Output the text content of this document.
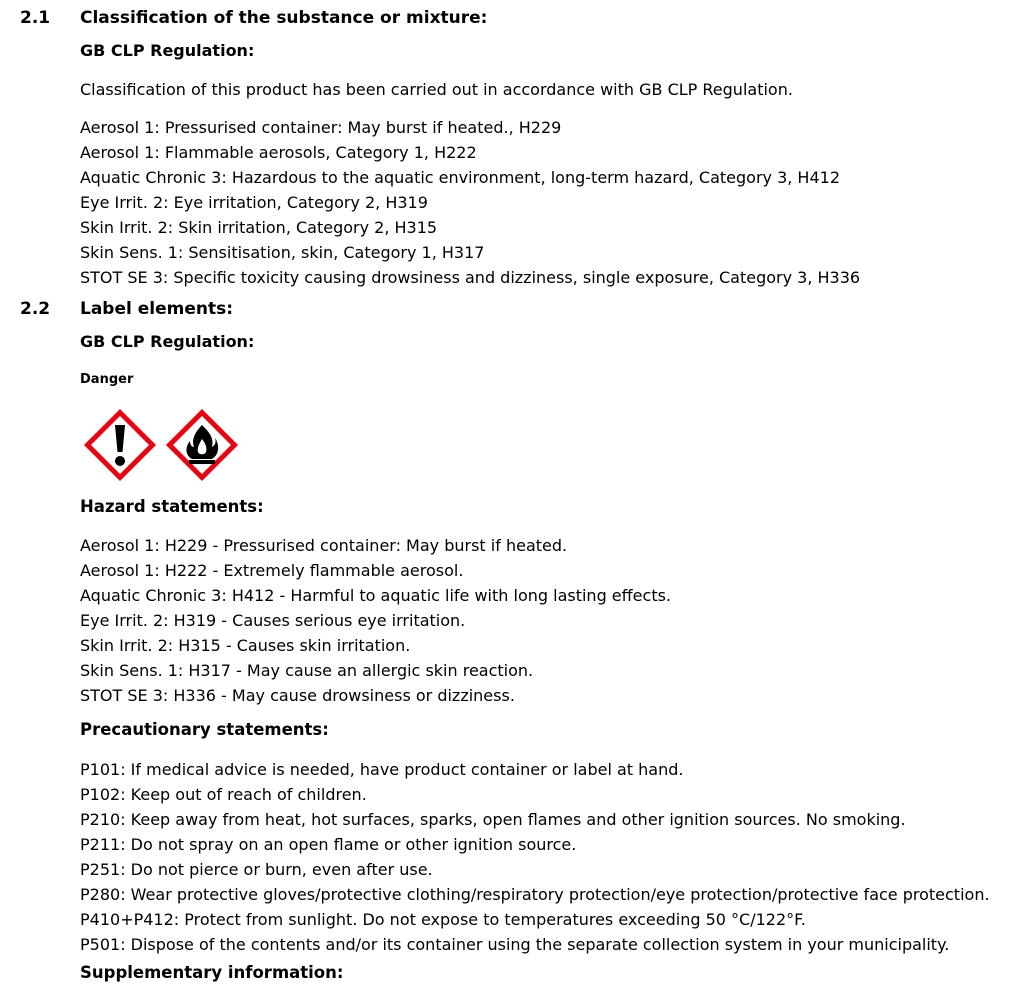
2.1 Classification of the substance or mixture:
GB CLP Regulation:
Classification of this product has been carried out in accordance with GB CLP Regulation.
Aerosol 1: Pressurised container: May burst if heated., H229
Aerosol 1: Flammable aerosols, Category 1, H222
Aquatic Chronic 3: Hazardous to the aquatic environment, long-term hazard, Category 3, H412
Eye Irrit. 2: Eye irritation, Category 2, H319
Skin Irrit. 2: Skin irritation, Category 2, H315
Skin Sens. 1: Sensitisation, skin, Category 1, H317
STOT SE 3: Specific toxicity causing drowsiness and dizziness, single exposure, Category 3, H336
2.2 Label elements:
GB CLP Regulation:
Danger
Hazard statements:
Aerosol 1: H229 - Pressurised container: May burst if heated.
Aerosol 1: H222 - Extremely flammable aerosol.
Aquatic Chronic 3: H412 - Harmful to aquatic life with long lasting effects.
Eye Irrit. 2: H319 - Causes serious eye irritation.
Skin Irrit. 2: H315 - Causes skin irritation.
Skin Sens. 1: H317 - May cause an allergic skin reaction.
STOT SE 3: H336 - May cause drowsiness or dizziness.
Precautionary statements:
P101: If medical advice is needed, have product container or label at hand.
P102: Keep out of reach of children.
P210: Keep away from heat, hot surfaces, sparks, open flames and other ignition sources. No smoking.
P211: Do not spray on an open flame or other ignition source.
P251: Do not pierce or burn, even after use.
P280: Wear protective gloves/protective clothing/respiratory protection/eye protection/protective face protection.
P410+P412: Protect from sunlight. Do not expose to temperatures exceeding 50 °C/122°F.
P501: Dispose of the contents and/or its container using the separate collection system in your municipality.
Supplementary information:
